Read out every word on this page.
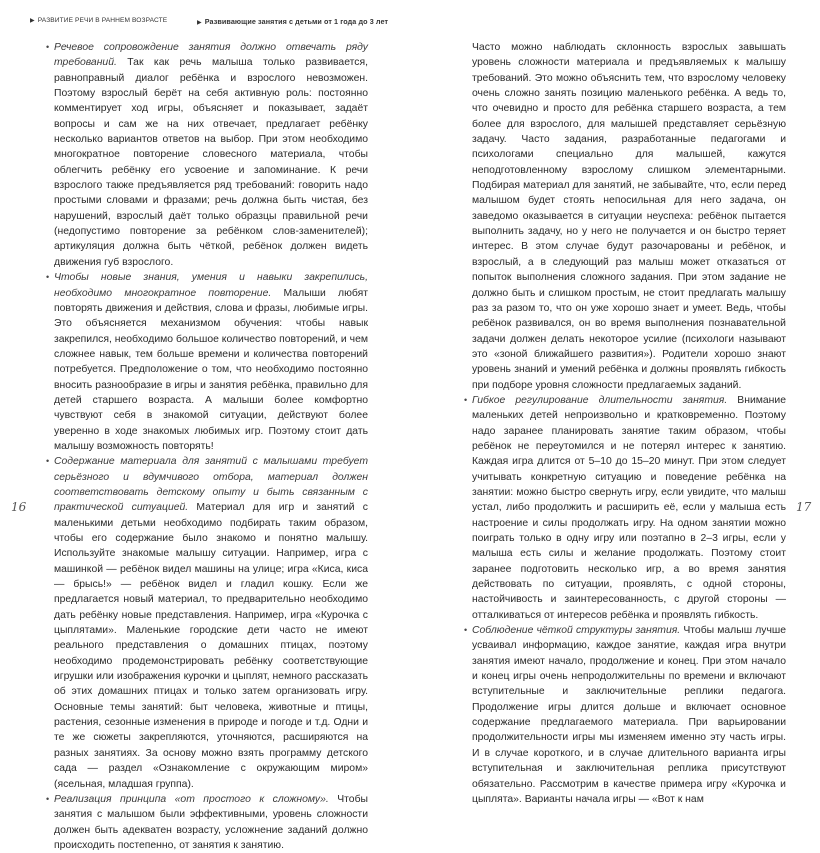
▶ РАЗВИТИЕ РЕЧИ В РАННЕМ ВОЗРАСТЕ	▶ Развивающие занятия с детьми от 1 года до 3 лет

• Речевое сопровождение занятия должно отвечать ряду требований. Так как речь малыша только развивается, равноправный диалог ребёнка и взрослого невозможен. Поэтому взрослый берёт на себя активную роль: постоянно комментирует ход игры, объясняет и показывает, задаёт вопросы и сам же на них отвечает, предлагает ребёнку несколько вариантов ответов на выбор. При этом необходимо многократное повторение словесного материала, чтобы облегчить ребёнку его усвоение и запоминание. К речи взрослого также предъявляется ряд требований: говорить надо простыми словами и фразами; речь должна быть чистая, без нарушений, взрослый даёт только образцы правильной речи (недопустимо повторение за ребёнком слов-заменителей); артикуляция должна быть чёткой, ребёнок должен видеть движения губ взрослого.

• Чтобы новые знания, умения и навыки закрепились, необходимо многократное повторение. Малыши любят повторять движения и действия, слова и фразы, любимые игры. Это объясняется механизмом обучения: чтобы навык закрепился, необходимо большое количество повторений, и чем сложнее навык, тем больше времени и количества повторений потребуется. Предположение о том, что необходимо постоянно вносить разнообразие в игры и занятия ребёнка, правильно для детей старшего возраста. А малыши более комфортно чувствуют себя в знакомой ситуации, действуют более уверенно в ходе знакомых любимых игр. Поэтому стоит дать малышу возможность повторять!

• Содержание материала для занятий с малышами требует серьёзного и вдумчивого отбора, материал должен соответствовать детскому опыту и быть связанным с практической ситуацией. Материал для игр и занятий с маленькими детьми необходимо подбирать таким образом, чтобы его содержание было знакомо и понятно малышу. Используйте знакомые малышу ситуации. Например, игра с машинкой — ребёнок видел машины на улице; игра «Киса, киса — брысь!» — ребёнок видел и гладил кошку. Если же предлагается новый материал, то предварительно необходимо дать ребёнку новые представления. Например, игра «Курочка с цыплятами». Маленькие городские дети часто не имеют реального представления о домашних птицах, поэтому необходимо продемонстрировать ребёнку соответствующие игрушки или изображения курочки и цыплят, немного рассказать об этих домашних птицах и только затем организовать игру. Основные темы занятий: быт человека, животные и птицы, растения, сезонные изменения в природе и погоде и т.д. Одни и те же сюжеты закрепляются, уточняются, расширяются на разных занятиях. За основу можно взять программу детского сада — раздел «Ознакомление с окружающим миром» (ясельная, младшая группа).

• Реализация принципа «от простого к сложному». Чтобы занятия с малышом были эффективными, уровень сложности должен быть адекватен возрасту, усложнение заданий должно происходить постепенно, от занятия к занятию.

16

Часто можно наблюдать склонность взрослых завышать уровень сложности материала и предъявляемых к малышу требований. Это можно объяснить тем, что взрослому человеку очень сложно занять позицию маленького ребёнка. А ведь то, что очевидно и просто для ребёнка старшего возраста, а тем более для взрослого, для малышей представляет серьёзную задачу. Часто задания, разработанные педагогами и психологами специально для малышей, кажутся неподготовленному взрослому слишком элементарными. Подбирая материал для занятий, не забывайте, что, если перед малышом будет стоять непосильная для него задача, он заведомо оказывается в ситуации неуспеха: ребёнок пытается выполнить задачу, но у него не получается и он быстро теряет интерес. В этом случае будут разочарованы и ребёнок, и взрослый, а в следующий раз малыш может отказаться от попыток выполнения сложного задания. При этом задание не должно быть и слишком простым, не стоит предлагать малышу раз за разом то, что он уже хорошо знает и умеет. Ведь, чтобы ребёнок развивался, он во время выполнения познавательной задачи должен делать некоторое усилие (психологи называют это «зоной ближайшего развития»). Родители хорошо знают уровень знаний и умений ребёнка и должны проявлять гибкость при подборе уровня сложности предлагаемых заданий.

• Гибкое регулирование длительности занятия. Внимание маленьких детей непроизвольно и кратковременно. Поэтому надо заранее планировать занятие таким образом, чтобы ребёнок не переутомился и не потерял интерес к занятию. Каждая игра длится от 5–10 до 15–20 минут. При этом следует учитывать конкретную ситуацию и поведение ребёнка на занятии: можно быстро свернуть игру, если увидите, что малыш устал, либо продолжить и расширить её, если у малыша есть настроение и силы продолжать игру. На одном занятии можно поиграть только в одну игру или поэтапно в 2–3 игры, если у малыша есть силы и желание продолжать. Поэтому стоит заранее подготовить несколько игр, а во время занятия действовать по ситуации, проявлять, с одной стороны, настойчивость и заинтересованность, с другой стороны — отталкиваться от интересов ребёнка и проявлять гибкость.

• Соблюдение чёткой структуры занятия. Чтобы малыш лучше усваивал информацию, каждое занятие, каждая игра внутри занятия имеют начало, продолжение и конец. При этом начало и конец игры очень непродолжительны по времени и включают вступительные и заключительные реплики педагога. Продолжение игры длится дольше и включает основное содержание предлагаемого материала. При варьировании продолжительности игры мы изменяем именно эту часть игры. И в случае короткого, и в случае длительного варианта игры вступительная и заключительная реплика присутствуют обязательно. Рассмотрим в качестве примера игру «Курочка и цыплята». Варианты начала игры — «Вот к нам

17
